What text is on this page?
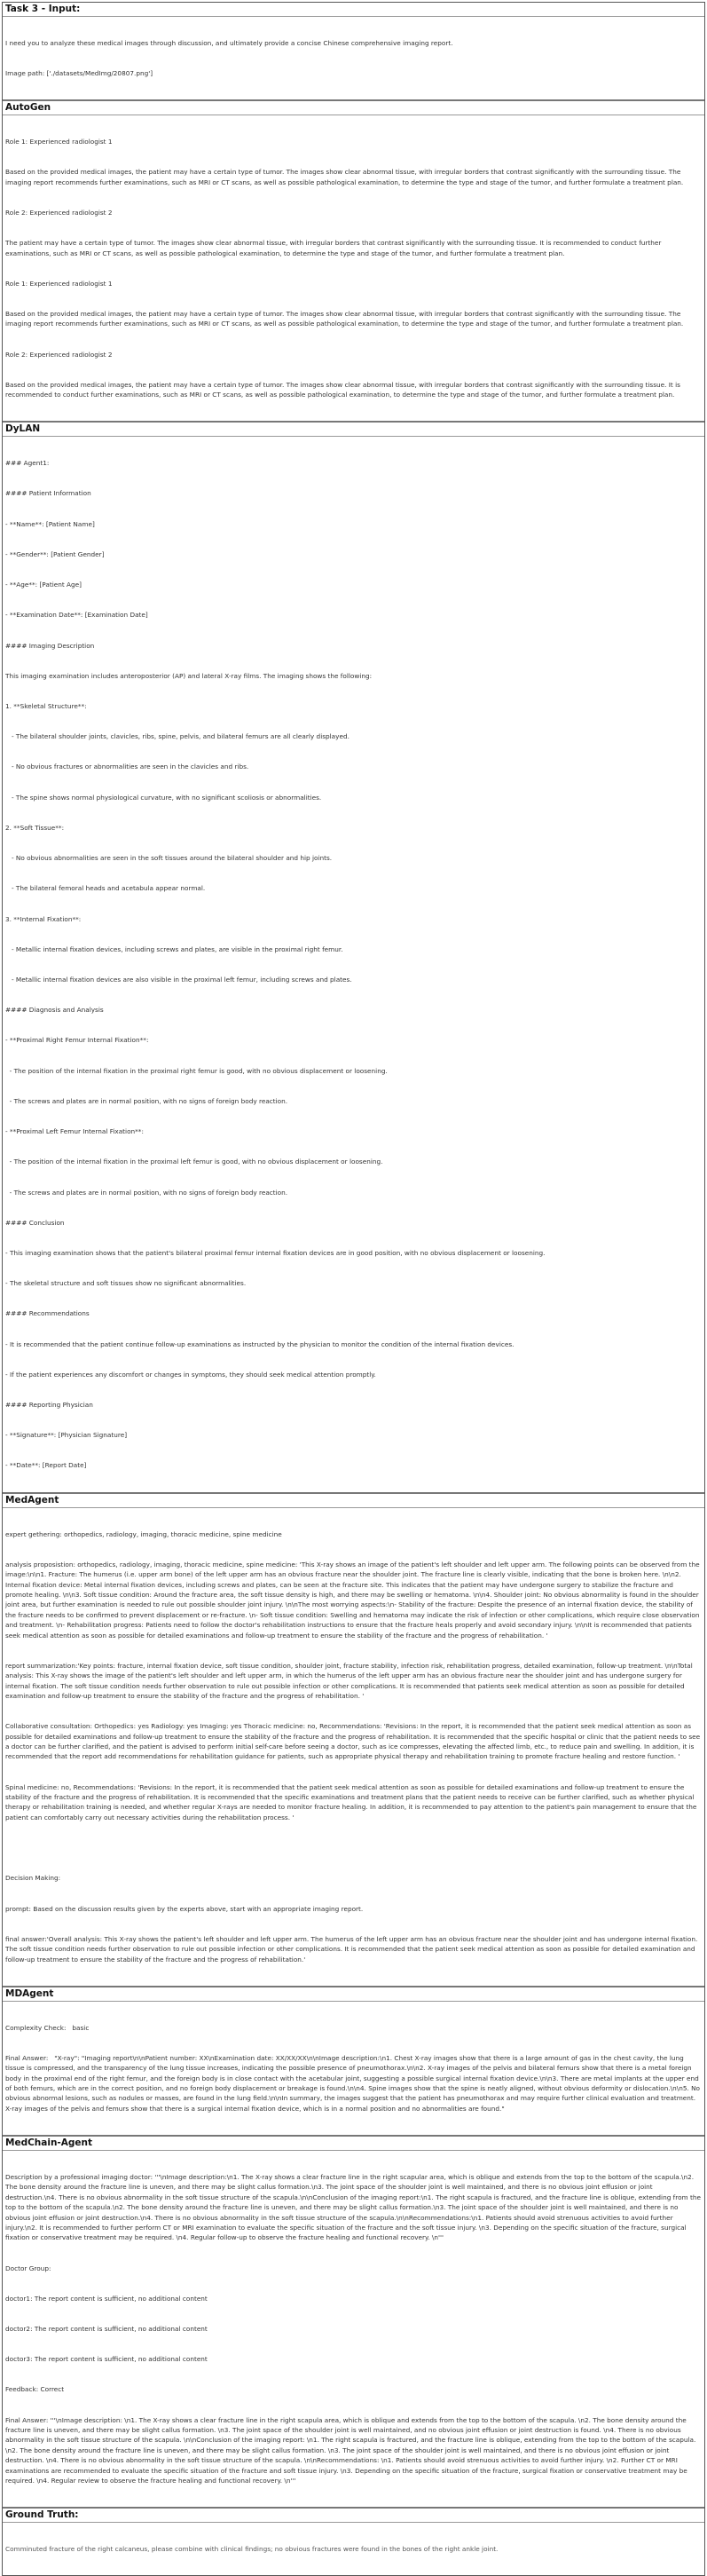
Task 3 - Input:

I need you to analyze these medical images through discussion, and ultimately provide a concise Chinese comprehensive imaging report.

Image path: ['./datasets/MedImg/20807.png']

AutoGen

Role 1: Experienced radiologist 1

Based on the provided medical images, the patient may have a certain type of tumor. The images show clear abnormal tissue, with irregular borders that contrast significantly with the surrounding tissue. The imaging report recommends further examinations, such as MRI or CT scans, as well as possible pathological examination, to determine the type and stage of the tumor, and further formulate a treatment plan.

Role 2: Experienced radiologist 2

The patient may have a certain type of tumor. The images show clear abnormal tissue, with irregular borders that contrast significantly with the surrounding tissue. It is recommended to conduct further examinations, such as MRI or CT scans, as well as possible pathological examination, to determine the type and stage of the tumor, and further formulate a treatment plan.

Role 1: Experienced radiologist 1

Based on the provided medical images, the patient may have a certain type of tumor. The images show clear abnormal tissue, with irregular borders that contrast significantly with the surrounding tissue. The imaging report recommends further examinations, such as MRI or CT scans, as well as possible pathological examination, to determine the type and stage of the tumor, and further formulate a treatment plan.

Role 2: Experienced radiologist 2

Based on the provided medical images, the patient may have a certain type of tumor. The images show clear abnormal tissue, with irregular borders that contrast significantly with the surrounding tissue. It is recommended to conduct further examinations, such as MRI or CT scans, as well as possible pathological examination, to determine the type and stage of the tumor, and further formulate a treatment plan.

DyLAN

### Agent1:

#### Patient Information

- **Name**: [Patient Name]

- **Gender**: [Patient Gender]

- **Age**: [Patient Age]

- **Examination Date**: [Examination Date]

#### Imaging Description

This imaging examination includes anteroposterior (AP) and lateral X-ray films. The imaging shows the following:

1. **Skeletal Structure**:

- The bilateral shoulder joints, clavicles, ribs, spine, pelvis, and bilateral femurs are all clearly displayed.

- No obvious fractures or abnormalities are seen in the clavicles and ribs.

- The spine shows normal physiological curvature, with no significant scoliosis or abnormalities.

2. **Soft Tissue**:

- No obvious abnormalities are seen in the soft tissues around the bilateral shoulder and hip joints.

- The bilateral femoral heads and acetabula appear normal.

3. **Internal Fixation**:

- Metallic internal fixation devices, including screws and plates, are visible in the proximal right femur.

- Metallic internal fixation devices are also visible in the proximal left femur, including screws and plates.

#### Diagnosis and Analysis

- **Proximal Right Femur Internal Fixation**:

- The position of the internal fixation in the proximal right femur is good, with no obvious displacement or loosening.

- The screws and plates are in normal position, with no signs of foreign body reaction.

- **Proximal Left Femur Internal Fixation**:

- The position of the internal fixation in the proximal left femur is good, with no obvious displacement or loosening.

- The screws and plates are in normal position, with no signs of foreign body reaction.

#### Conclusion

- This imaging examination shows that the patient's bilateral proximal femur internal fixation devices are in good position, with no obvious displacement or loosening.

- The skeletal structure and soft tissues show no significant abnormalities.

#### Recommendations

- It is recommended that the patient continue follow-up examinations as instructed by the physician to monitor the condition of the internal fixation devices.

- If the patient experiences any discomfort or changes in symptoms, they should seek medical attention promptly.

#### Reporting Physician

- **Signature**: [Physician Signature]

- **Date**: [Report Date]

MedAgent

expert gethering: orthopedics, radiology, imaging, thoracic medicine, spine medicine

analysis proposistion: orthopedics, radiology, imaging, thoracic medicine, spine medicine: 'This X-ray shows an image of the patient's left shoulder and left upper arm. The following points can be observed from the image:\n\n1. Fracture: The humerus (i.e. upper arm bone) of the left upper arm has an obvious fracture near the shoulder joint. The fracture line is clearly visible, indicating that the bone is broken here. \n\n2. Internal fixation device: Metal internal fixation devices, including screws and plates, can be seen at the fracture site. This indicates that the patient may have undergone surgery to stabilize the fracture and promote healing. \n\n3. Soft tissue condition: Around the fracture area, the soft tissue density is high, and there may be swelling or hematoma. \n\n4. Shoulder joint: No obvious abnormality is found in the shoulder joint area, but further examination is needed to rule out possible shoulder joint injury. \n\nThe most worrying aspects:\n- Stability of the fracture: Despite the presence of an internal fixation device, the stability of the fracture needs to be confirmed to prevent displacement or re-fracture. \n- Soft tissue condition: Swelling and hematoma may indicate the risk of infection or other complications, which require close observation and treatment. \n- Rehabilitation progress: Patients need to follow the doctor's rehabilitation instructions to ensure that the fracture heals properly and avoid secondary injury. \n\nIt is recommended that patients seek medical attention as soon as possible for detailed examinations and follow-up treatment to ensure the stability of the fracture and the progress of rehabilitation. '

report summarization:'Key points: fracture, internal fixation device, soft tissue condition, shoulder joint, fracture stability, infection risk, rehabilitation progress, detailed examination, follow-up treatment. \n\nTotal analysis: This X-ray shows the image of the patient's left shoulder and left upper arm, in which the humerus of the left upper arm has an obvious fracture near the shoulder joint and has undergone surgery for internal fixation. The soft tissue condition needs further observation to rule out possible infection or other complications. It is recommended that patients seek medical attention as soon as possible for detailed examination and follow-up treatment to ensure the stability of the fracture and the progress of rehabilitation. '

Collaborative consultation: Orthopedics: yes Radiology: yes Imaging: yes Thoracic medicine: no, Recommendations: 'Revisions: In the report, it is recommended that the patient seek medical attention as soon as possible for detailed examinations and follow-up treatment to ensure the stability of the fracture and the progress of rehabilitation. It is recommended that the specific hospital or clinic that the patient needs to see a doctor can be further clarified, and the patient is advised to perform initial self-care before seeing a doctor, such as ice compresses, elevating the affected limb, etc., to reduce pain and swelling. In addition, it is recommended that the report add recommendations for rehabilitation guidance for patients, such as appropriate physical therapy and rehabilitation training to promote fracture healing and restore function. '

Spinal medicine: no, Recommendations: 'Revisions: In the report, it is recommended that the patient seek medical attention as soon as possible for detailed examinations and follow-up treatment to ensure the stability of the fracture and the progress of rehabilitation. It is recommended that the specific examinations and treatment plans that the patient needs to receive can be further clarified, such as whether physical therapy or rehabilitation training is needed, and whether regular X-rays are needed to monitor fracture healing. In addition, it is recommended to pay attention to the patient's pain management to ensure that the patient can comfortably carry out necessary activities during the rehabilitation process. '

Decision Making:

prompt: Based on the discussion results given by the experts above, start with an appropriate imaging report.

final answer:'Overall analysis: This X-ray shows the patient's left shoulder and left upper arm. The humerus of the left upper arm has an obvious fracture near the shoulder joint and has undergone internal fixation. The soft tissue condition needs further observation to rule out possible infection or other complications. It is recommended that the patient seek medical attention as soon as possible for detailed examination and follow-up treatment to ensure the stability of the fracture and the progress of rehabilitation.'

MDAgent

Complexity Check:   basic

Final Answer:   "X-ray": "Imaging report\n\nPatient number: XX\nExamination date: XX/XX/XX\n\nImage description:\n1. Chest X-ray images show that there is a large amount of gas in the chest cavity, the lung tissue is compressed, and the transparency of the lung tissue increases, indicating the possible presence of pneumothorax.\n\n2. X-ray images of the pelvis and bilateral femurs show that there is a metal foreign body in the proximal end of the right femur, and the foreign body is in close contact with the acetabular joint, suggesting a possible surgical internal fixation device.\n\n3. There are metal implants at the upper end of both femurs, which are in the correct position, and no foreign body displacement or breakage is found.\n\n4. Spine images show that the spine is neatly aligned, without obvious deformity or dislocation.\n\n5. No obvious abnormal lesions, such as nodules or masses, are found in the lung field.\n\nIn summary, the images suggest that the patient has pneumothorax and may require further clinical evaluation and treatment. X-ray images of the pelvis and femurs show that there is a surgical internal fixation device, which is in a normal position and no abnormalities are found."

MedChain-Agent

Description by a professional imaging doctor: '''\nImage description:\n1. The X-ray shows a clear fracture line in the right scapular area, which is oblique and extends from the top to the bottom of the scapula.\n2. The bone density around the fracture line is uneven, and there may be slight callus formation.\n3. The joint space of the shoulder joint is well maintained, and there is no obvious joint effusion or joint destruction.\n4. There is no obvious abnormality in the soft tissue structure of the scapula.\n\nConclusion of the imaging report:\n1. The right scapula is fractured, and the fracture line is oblique, extending from the top to the bottom of the scapula.\n2. The bone density around the fracture line is uneven, and there may be slight callus formation.\n3. The joint space of the shoulder joint is well maintained, and there is no obvious joint effusion or joint destruction.\n4. There is no obvious abnormality in the soft tissue structure of the scapula.\n\nRecommendations:\n1. Patients should avoid strenuous activities to avoid further injury.\n2. It is recommended to further perform CT or MRI examination to evaluate the specific situation of the fracture and the soft tissue injury. \n3. Depending on the specific situation of the fracture, surgical fixation or conservative treatment may be required. \n4. Regular follow-up to observe the fracture healing and functional recovery. \n'''

Doctor Group:

doctor1: The report content is sufficient, no additional content

doctor2: The report content is sufficient, no additional content

doctor3: The report content is sufficient, no additional content

Feedback: Correct

Final Answer: '''\nImage description: \n1. The X-ray shows a clear fracture line in the right scapula area, which is oblique and extends from the top to the bottom of the scapula. \n2. The bone density around the fracture line is uneven, and there may be slight callus formation. \n3. The joint space of the shoulder joint is well maintained, and no obvious joint effusion or joint destruction is found. \n4. There is no obvious abnormality in the soft tissue structure of the scapula. \n\nConclusion of the imaging report: \n1. The right scapula is fractured, and the fracture line is oblique, extending from the top to the bottom of the scapula. \n2. The bone density around the fracture line is uneven, and there may be slight callus formation. \n3. The joint space of the shoulder joint is well maintained, and there is no obvious joint effusion or joint destruction. \n4. There is no obvious abnormality in the soft tissue structure of the scapula. \n\nRecommendations: \n1. Patients should avoid strenuous activities to avoid further injury. \n2. Further CT or MRI examinations are recommended to evaluate the specific situation of the fracture and soft tissue injury. \n3. Depending on the specific situation of the fracture, surgical fixation or conservative treatment may be required. \n4. Regular review to observe the fracture healing and functional recovery. \n'''

Ground Truth:

Comminuted fracture of the right calcaneus, please combine with clinical findings; no obvious fractures were found in the bones of the right ankle joint.
